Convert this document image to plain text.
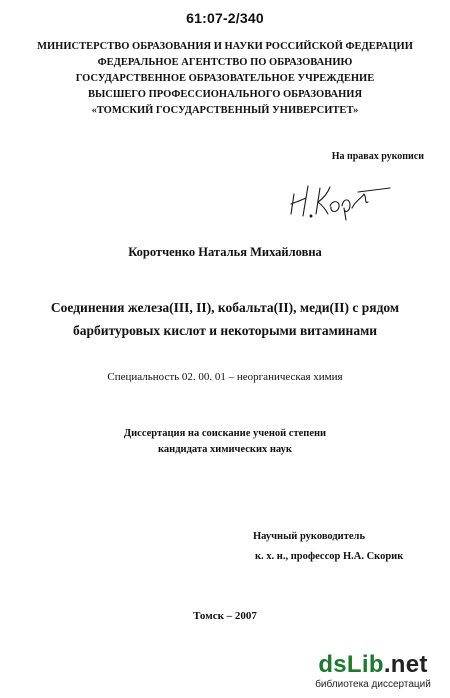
61:07-2/340
МИНИСТЕРСТВО ОБРАЗОВАНИЯ И НАУКИ РОССИЙСКОЙ ФЕДЕРАЦИИ
ФЕДЕРАЛЬНОЕ АГЕНТСТВО ПО ОБРАЗОВАНИЮ
ГОСУДАРСТВЕННОЕ ОБРАЗОВАТЕЛЬНОЕ УЧРЕЖДЕНИЕ
ВЫСШЕГО ПРОФЕССИОНАЛЬНОГО ОБРАЗОВАНИЯ
«ТОМСКИЙ ГОСУДАРСТВЕННЫЙ УНИВЕРСИТЕТ»
На правах рукописи
Коротченко Наталья Михайловна
Соединения железа(III, II), кобальта(II), меди(II) с рядом
барбитуровых кислот и некоторыми витаминами
Специальность 02. 00. 01 – неорганическая химия
Диссертация на соискание ученой степени
кандидата химических наук
Научный руководитель
к. х. н., профессор Н.А. Скорик
Томск – 2007
dsLib.net
библиотека диссертаций
